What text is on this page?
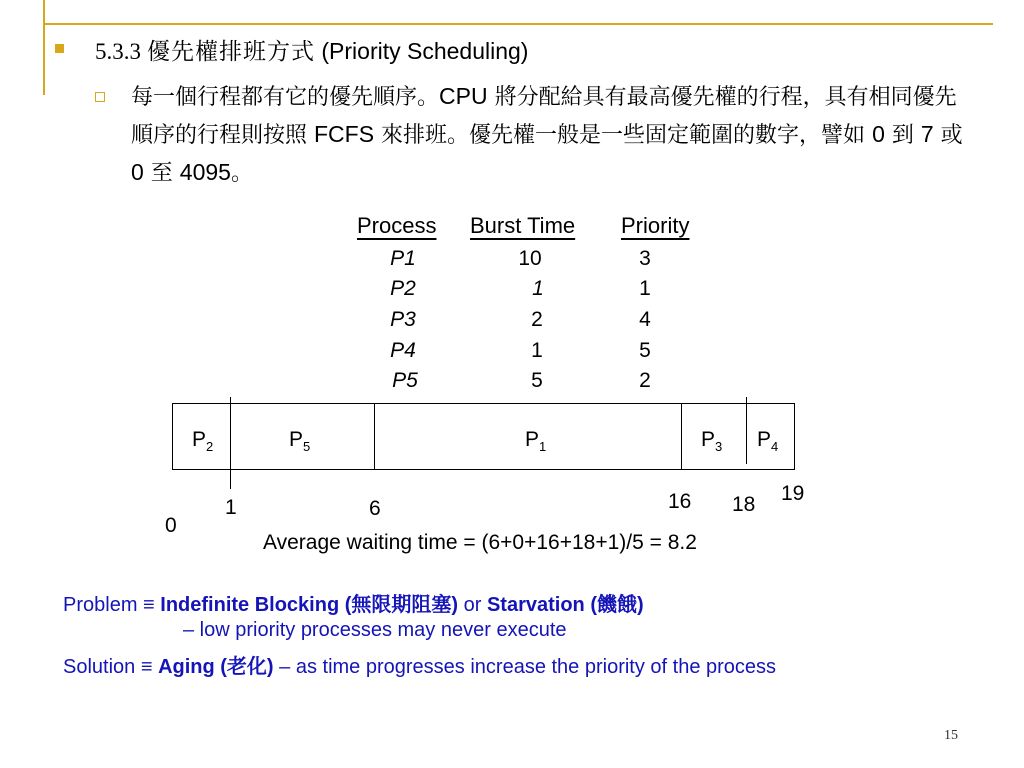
5.3.3 優先權排班方式 (Priority Scheduling)
每一個行程都有它的優先順序。CPU 將分配給具有最高優先權的行程，具有相同優先順序的行程則按照 FCFS 來排班。優先權一般是一些固定範圍的數字，譬如 0 到 7 或 0 至 4095。
Process Burst Time Priority
P1	10	3
P2	1	1
P3	2	4
P4	1	5
P5	5	2
$P_2$	$P_5$	$P_1$	$P_3$ $P_4$
0
1	6	16 18 19
Average waiting time = (6+0+16+18+1)/5 = 8.2
Problem ≡ Indefinite Blocking (無限期阻塞) or Starvation (饑餓)
– low priority processes may never execute
Solution ≡ Aging (老化) – as time progresses increase the priority of the process
15
